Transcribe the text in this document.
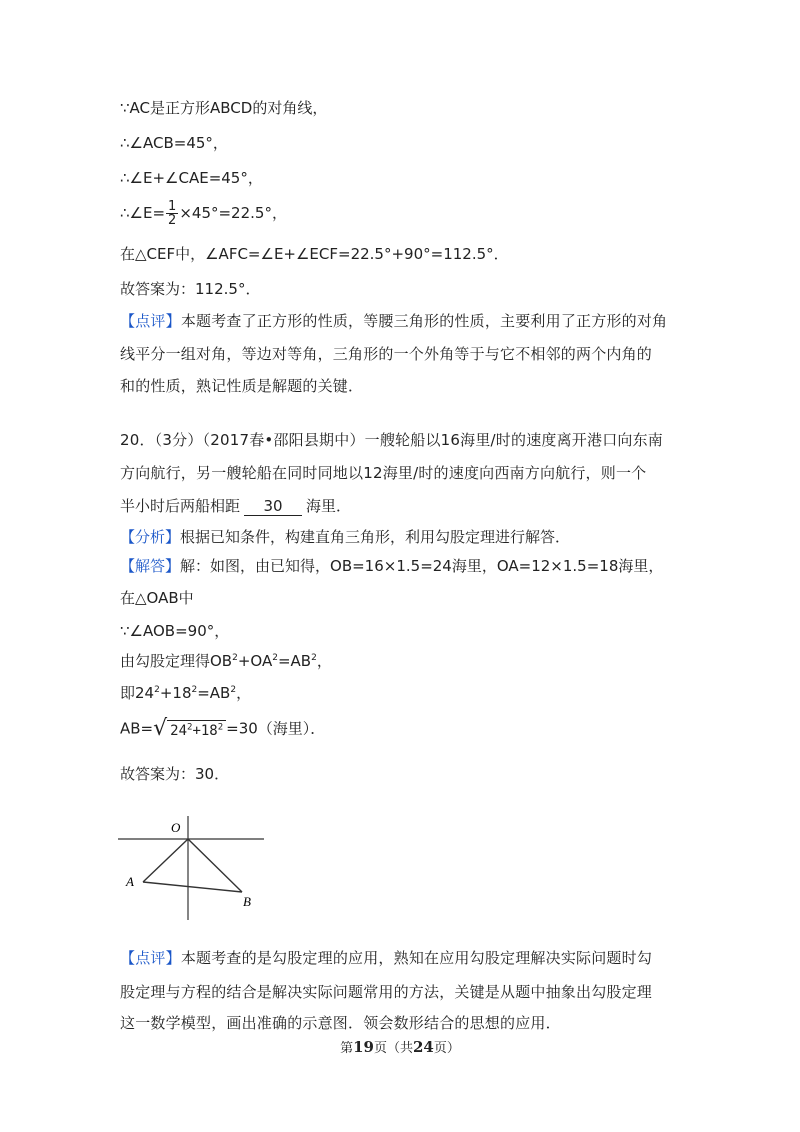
∵AC是正方形ABCD的对角线，
∴∠ACB=45°，
∴∠E+∠CAE=45°，
∴∠E= $\frac{1}{2} \times 45^\circ=22.5^\circ$，
在△CEF中，∠AFC=∠E+∠ECF=22.5°+90°=112.5°．
故答案为：112.5°．
【点评】本题考查了正方形的性质，等腰三角形的性质，主要利用了正方形的对角
线平分一组对角，等边对等角，三角形的一个外角等于与它不相邻的两个内角的
和的性质，熟记性质是解题的关键．
20．（3分）（2017春•邵阳县期中）一艘轮船以16海里/时的速度离开港口向东南
方向航行，另一艘轮船在同时同地以12海里/时的速度向西南方向航行，则一个
半小时后两船相距 30 海里．
【分析】根据已知条件，构建直角三角形，利用勾股定理进行解答．
【解答】解：如图，由已知得，OB=16×1.5=24海里，OA=12×1.5=18海里，
在△OAB中
∵∠AOB=90°，
由勾股定理得$OB^2+OA^2=AB^2$，
即$24^2+18^2=AB^2$，
AB= √ $24^2+18^2 =30$（海里）．
故答案为：30．
O
A
B
【点评】本题考查的是勾股定理的应用，熟知在应用勾股定理解决实际问题时勾
股定理与方程的结合是解决实际问题常用的方法，关键是从题中抽象出勾股定理
这一数学模型，画出准确的示意图．领会数形结合的思想的应用．
第19页（共24页）
